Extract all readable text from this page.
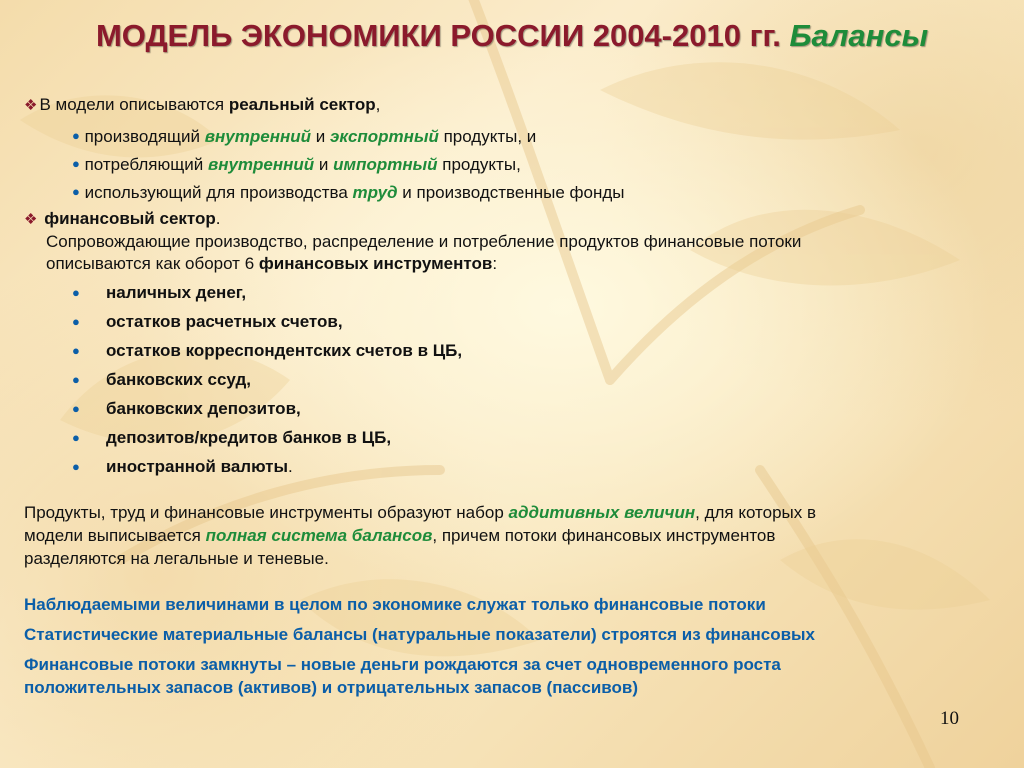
МОДЕЛЬ ЭКОНОМИКИ РОССИИ 2004-2010 гг. Балансы
❖ В модели описываются реальный сектор,
● производящий внутренний и экспортный продукты, и
● потребляющий внутренний и импортный продукты,
● использующий для производства труд и производственные фонды
❖ финансовый сектор.
Сопровождающие производство, распределение и потребление продуктов финансовые потоки
описываются как оборот 6 финансовых инструментов:
● наличных денег,
● остатков расчетных счетов,
● остатков корреспондентских счетов в ЦБ,
● банковских ссуд,
● банковских депозитов,
● депозитов/кредитов банков в ЦБ,
● иностранной валюты.
Продукты, труд и финансовые инструменты образуют набор аддитивных величин, для которых в
модели выписывается полная система балансов, причем потоки финансовых инструментов
разделяются на легальные и теневые.
Наблюдаемыми величинами в целом по экономике служат только финансовые потоки
Статистические материальные балансы (натуральные показатели) строятся из финансовых
Финансовые потоки замкнуты – новые деньги рождаются за счет одновременного роста
положительных запасов (активов) и отрицательных запасов (пассивов)
10
